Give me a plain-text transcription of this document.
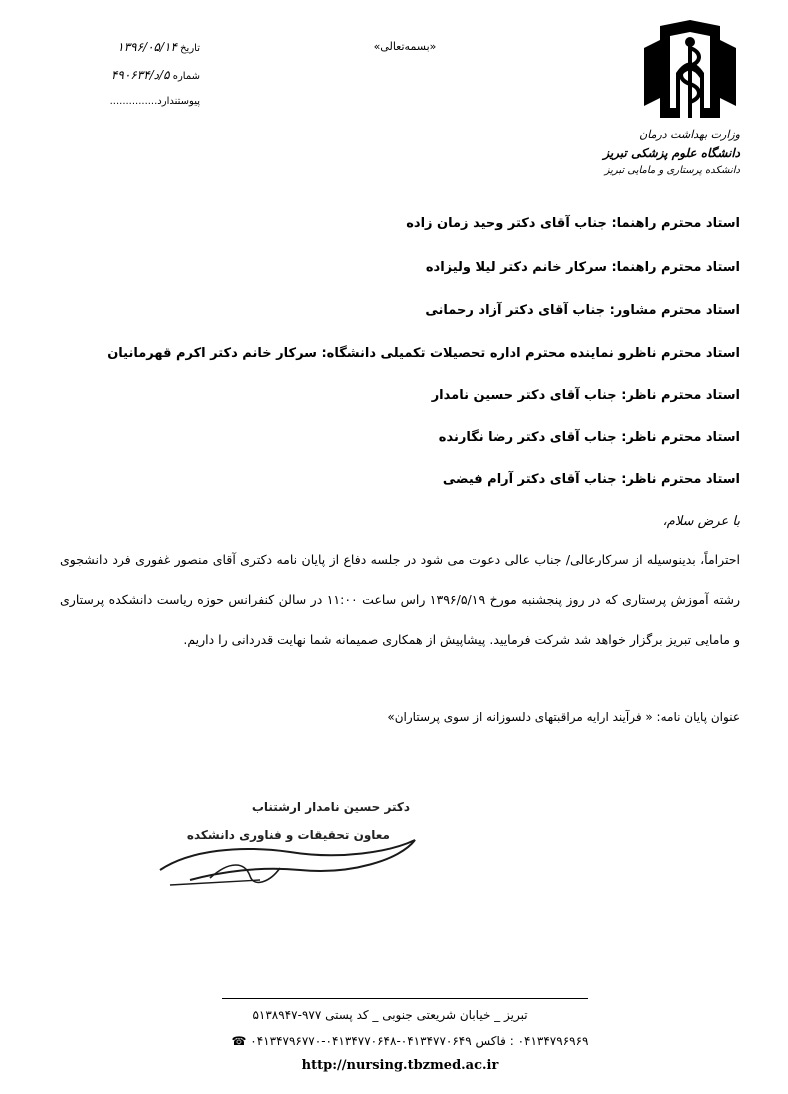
وزارت بهداشت درمان
دانشگاه علوم پزشکی تبریز
دانشکده پرستاری و مامایی تبریز
«بسمه‌تعالی»
تاریخ ۱۳۹۶/۰۵/۱۴
شماره ۵/د/۴۹۰۶۳۴
پیوستندارد...............
استاد محترم راهنما: جناب آقای دکتر وحید زمان زاده
استاد محترم راهنما: سرکار خانم دکتر لیلا ولیزاده
استاد محترم مشاور: جناب آقای دکتر آزاد رحمانی
استاد محترم ناظرو نماینده محترم اداره تحصیلات تکمیلی دانشگاه: سرکار خانم دکتر اکرم قهرمانیان
استاد محترم ناظر: جناب آقای دکتر حسین نامدار
استاد محترم ناظر: جناب آقای دکتر رضا نگارنده
استاد محترم ناظر: جناب آقای دکتر آرام فیضی
با عرض سلام،

احتراماً، بدینوسیله از سرکارعالی/ جناب عالی دعوت می شود در جلسه دفاع از پایان نامه دکتری آقای منصور غفوری فرد دانشجوی رشته آموزش پرستاری که در روز پنجشنبه مورخ ۱۳۹۶/۵/۱۹ راس ساعت ۱۱:۰۰ در سالن کنفرانس حوزه ریاست دانشکده پرستاری و مامایی تبریز برگزار خواهد شد شرکت فرمایید. پیشاپیش از همکاری صمیمانه شما نهایت قدردانی را داریم.

عنوان پایان نامه: « فرآیند ارایه مراقبتهای دلسوزانه از سوی پرستاران»
دکتر حسین نامدار ارشتناب
معاون تحقیقات و فناوری دانشکده
تبریز _ خیابان شریعتی جنوبی _ کد پستی ۹۷۷-۵۱۳۸۹۴۷
۰۴۱۳۴۷۹۶۹۶۹ : فاکس ۰۴۱۳۴۷۷۰۶۴۹-۰۴۱۳۴۷۷۰۶۴۸-۰۴۱۳۴۷۹۶۷۷۰ ☎
http://nursing.tbzmed.ac.ir
